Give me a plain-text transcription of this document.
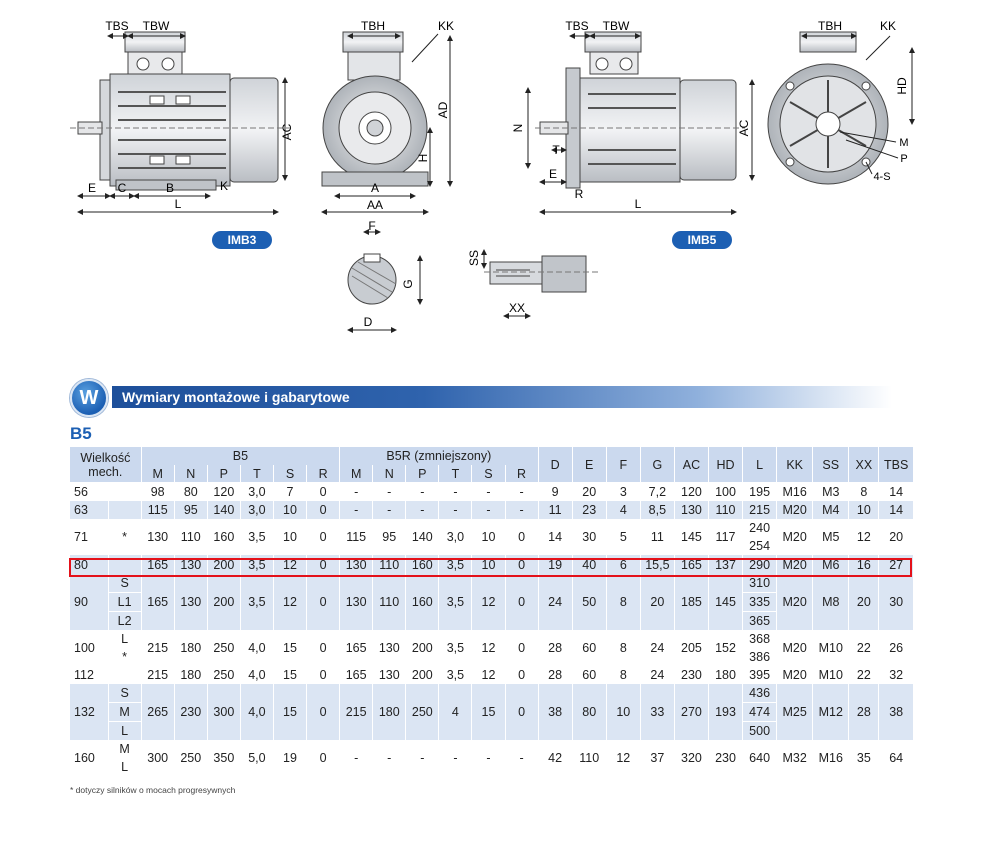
TBS TBW
AC
E C	B	K
L
IMB3
TBH	KK
AD
H
A
AA
F
D
G
SS
XX
TBS TBW
N
T
E
R
L
AC
IMB5
TBH	KK
HD
M
P
4-S
Wymiary montażowe i gabarytowe
W
B5
Wielkość
mech.		B5						B5R (zmniejszony)						D	E	F	G	AC	HD	L	KK	SS	XX	TBS
		M	N	P	T	S	R	M	N	P	T	S	R											
56		98	80	120	3,0	7	0	-	-	-	-	-	-	9	20	3	7,2	120	100	195	M16	M3	8	14
63		115	95	140	3,0	10	0	-	-	-	-	-	-	11	23	4	8,5	130	110	215	M20	M4	10	14
71	*	130	110	160	3,5	10	0	115	95	140	3,0	10	0	14	30	5	11	145	117	240	M20	M5	12	20
																				254				
80		165	130	200	3,5	12	0	130	110	160	3,5	10	0	19	40	6	15,5	165	137	290	M20	M6	16	27
90	S	165	130	200	3,5	12	0	130	110	160	3,5	12	0	24	50	8	20	185	145	310	M20	M8	20	30
	L1																			335				
	L2																			365				
100	L	215	180	250	4,0	15	0	165	130	200	3,5	12	0	28	60	8	24	205	152	368	M20	M10	22	26
	*																			386				
112		215	180	250	4,0	15	0	165	130	200	3,5	12	0	28	60	8	24	230	180	395	M20	M10	22	32
132	S	265	230	300	4,0	15	0	215	180	250	4	15	0	38	80	10	33	270	193	436	M25	M12	28	38
	M																			474				
	L																			500				
160	M	300	250	350	5,0	19	0	-	-	-	-	-	-	42	110	12	37	320	230	640	M32	M16	35	64
	L																							
* dotyczy silników o mocach progresywnych
